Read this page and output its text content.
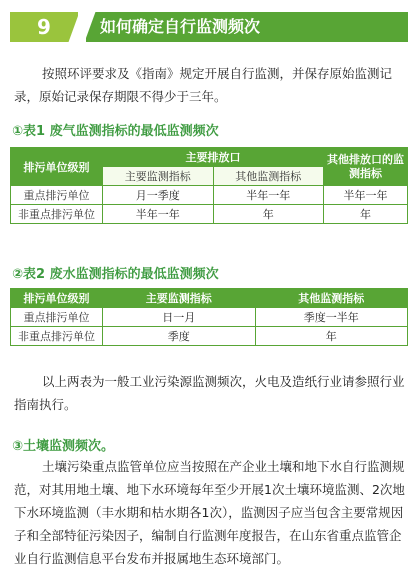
9	如何确定自行监测频次
按照环评要求及《指南》规定开展自行监测，并保存原始监测记录，原始记录保存期限不得少于三年。
①表1 废气监测指标的最低监测频次
排污单位级别	主要排放口		其他排放口的监测指标
	主要监测指标	其他监测指标	
重点排污单位	月一季度	半年一年	半年一年
非重点排污单位	半年一年	年	年
②表2 废水监测指标的最低监测频次
排污单位级别	主要监测指标	其他监测指标
重点排污单位	日一月	季度一半年
非重点排污单位	季度	年
以上两表为一般工业污染源监测频次，火电及造纸行业请参照行业指南执行。
③土壤监测频次。
土壤污染重点监管单位应当按照在产企业土壤和地下水自行监测规范，对其用地土壤、地下水环境每年至少开展1次土壤环境监测、2次地下水环境监测（丰水期和枯水期各1次），监测因子应当包含主要常规因子和全部特征污染因子，编制自行监测年度报告，在山东省重点监管企业自行监测信息平台发布并报属地生态环境部门。
